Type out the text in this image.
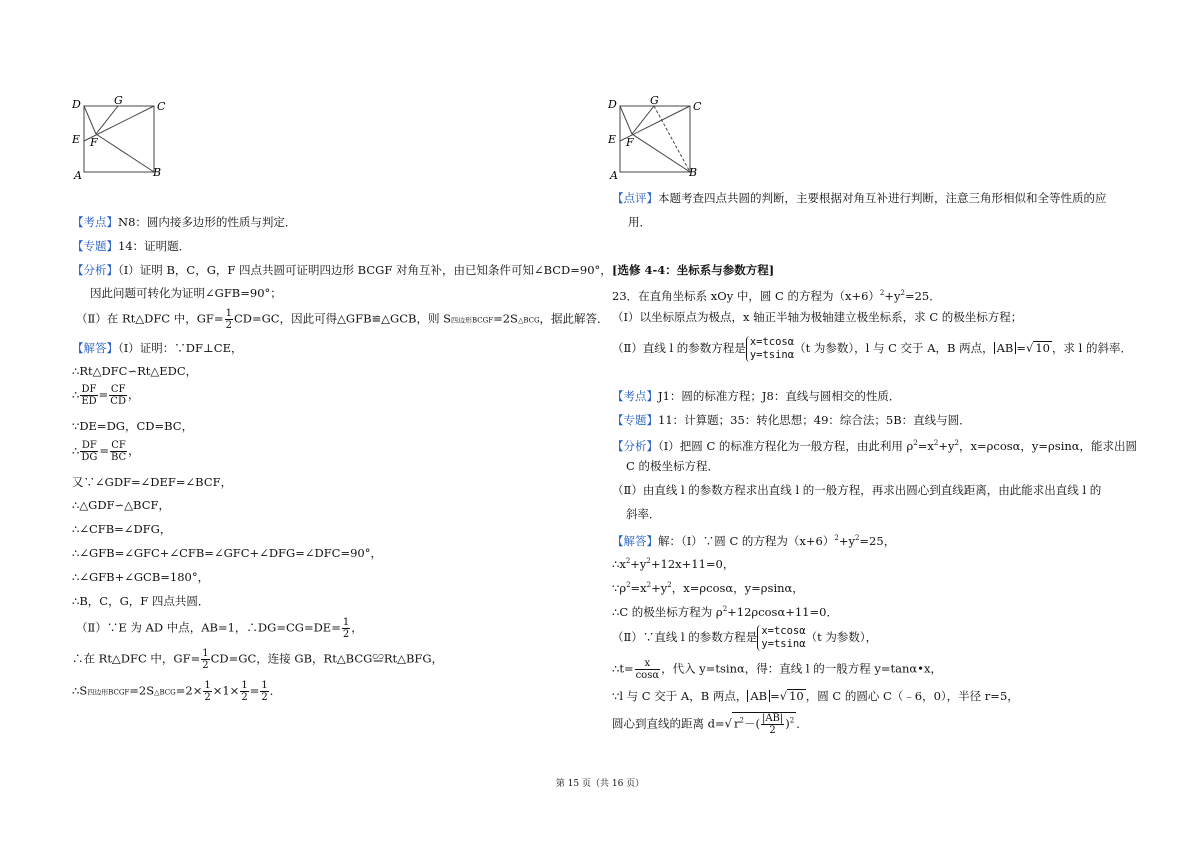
D	G	C
E F
A	B
【考点】N8：圆内接多边形的性质与判定．
【专题】14：证明题．
【分析】（Ⅰ）证明 B，C，G，F 四点共圆可证明四边形 BCGF 对角互补，由已知条件可知∠BCD=90°，
因此问题可转化为证明∠GFB=90°；
（Ⅱ）在 Rt△DFC 中，$GF= \frac{1}{2} CD=GC$，因此可得△GFB≌△GCB，则 S四边形BCGF=2S△BCG，据此解答．
【解答】（Ⅰ）证明：∵DF⊥CE，
∴Rt△DFC∽Rt△EDC，
∴ $\frac{DF}{ED} = \frac{CF}{CD}$ ，
∵DE=DG，CD=BC，
∴ $\frac{DF}{DG} = \frac{CF}{BC}$ ，
又∵∠GDF=∠DEF=∠BCF，
∴△GDF∽△BCF，
∴∠CFB=∠DFG，
∴∠GFB=∠GFC+∠CFB=∠GFC+∠DFG=∠DFC=90°，
∴∠GFB+∠GCB=180°，
∴B，C，G，F 四点共圆．
（Ⅱ）∵E 为 AD 中点，AB=1，∴DG=CG=DE= $\frac{1}{2}$ ，
∴在 Rt△DFC 中，$GF= \frac{1}{2} CD=GC$，连接 GB，Rt△BCG≌Rt△BFG，
∴S四边形BCGF=2S△BCG=2× $\frac{1}{2} \times 1\times \frac{1}{2} = \frac{1}{2}$ ．
D	G	C
E F
A	B
【点评】本题考查四点共圆的判断，主要根据对角互补进行判断，注意三角形相似和全等性质的应
用．
[选修 4-4：坐标系与参数方程]
23．在直角坐标系 xOy 中，圆 C 的方程为$(x+6)^2+y^2=25$．
（Ⅰ）以坐标原点为极点，x 轴正半轴为极轴建立极坐标系，求 C 的极坐标方程；
（Ⅱ）直线 l 的参数方程是 x=tcosα
y=tsinα （t 为参数），l 与 C 交于 A，B 两点， AB =√ 10 ，求 l 的斜率．
【考点】J1：圆的标准方程；J8：直线与圆相交的性质．
【专题】11：计算题；35：转化思想；49：综合法；5B：直线与圆．
【分析】（Ⅰ）把圆 C 的标准方程化为一般方程，由此利用 $\rho^2=x^2+y^2$，x=ρcosα，y=ρsinα，能求出圆
C 的极坐标方程．
（Ⅱ）由直线 l 的参数方程求出直线 l 的一般方程，再求出圆心到直线距离，由此能求出直线 l 的
斜率．
【解答】解：（Ⅰ）∵圆 C 的方程为$(x+6)^2+y^2=25$，
$\therefore x^2+y^2+12x+11=0$，
$\because\rho^2=x^2+y^2$，x=ρcosα，y=ρsinα，
∴C 的极坐标方程为 $\rho^2+12\rho\cos\alpha+11=0$．
（Ⅱ）∵直线 l 的参数方程是 x=tcosα
y=tsinα （t 为参数），
∴t= $\frac{x}{\cos\alpha}$ ，代入 y=tsinα，得：直线 l 的一般方程 y=tanα•x，
∵l 与 C 交于 A，B 两点， AB =√ 10 ，圆 C 的圆心 C（﹣6，0），半径 r=5，
圆心到直线的距离 d=√ $r^2-( \frac{|AB|}{2} )^2$ ．
第 15 页（共 16 页）
